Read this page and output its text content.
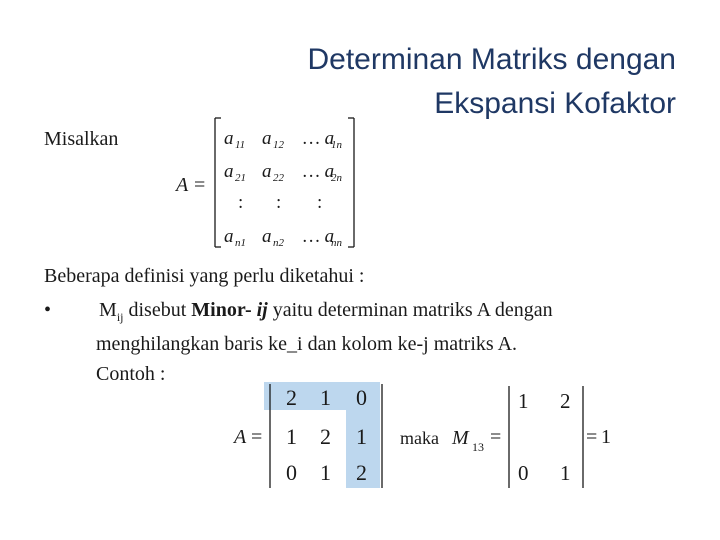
Determinan Matriks dengan
Ekspansi Kofaktor
Misalkan
A =
a 11 a 12 … a
1n
a 21 a 22 … a
2n
: : :
a n1 a n2 … a
nn
A =
2 1 0
1 2 1
0 1 2
maka M 13 =
1 2
0 1
= 1
Beberapa definisi yang perlu diketahui :
• $M_{ij}$ disebut Minor- ij yaitu determinan matriks A dengan
menghilangkan baris ke_i dan kolom ke-j matriks A.
Contoh :
